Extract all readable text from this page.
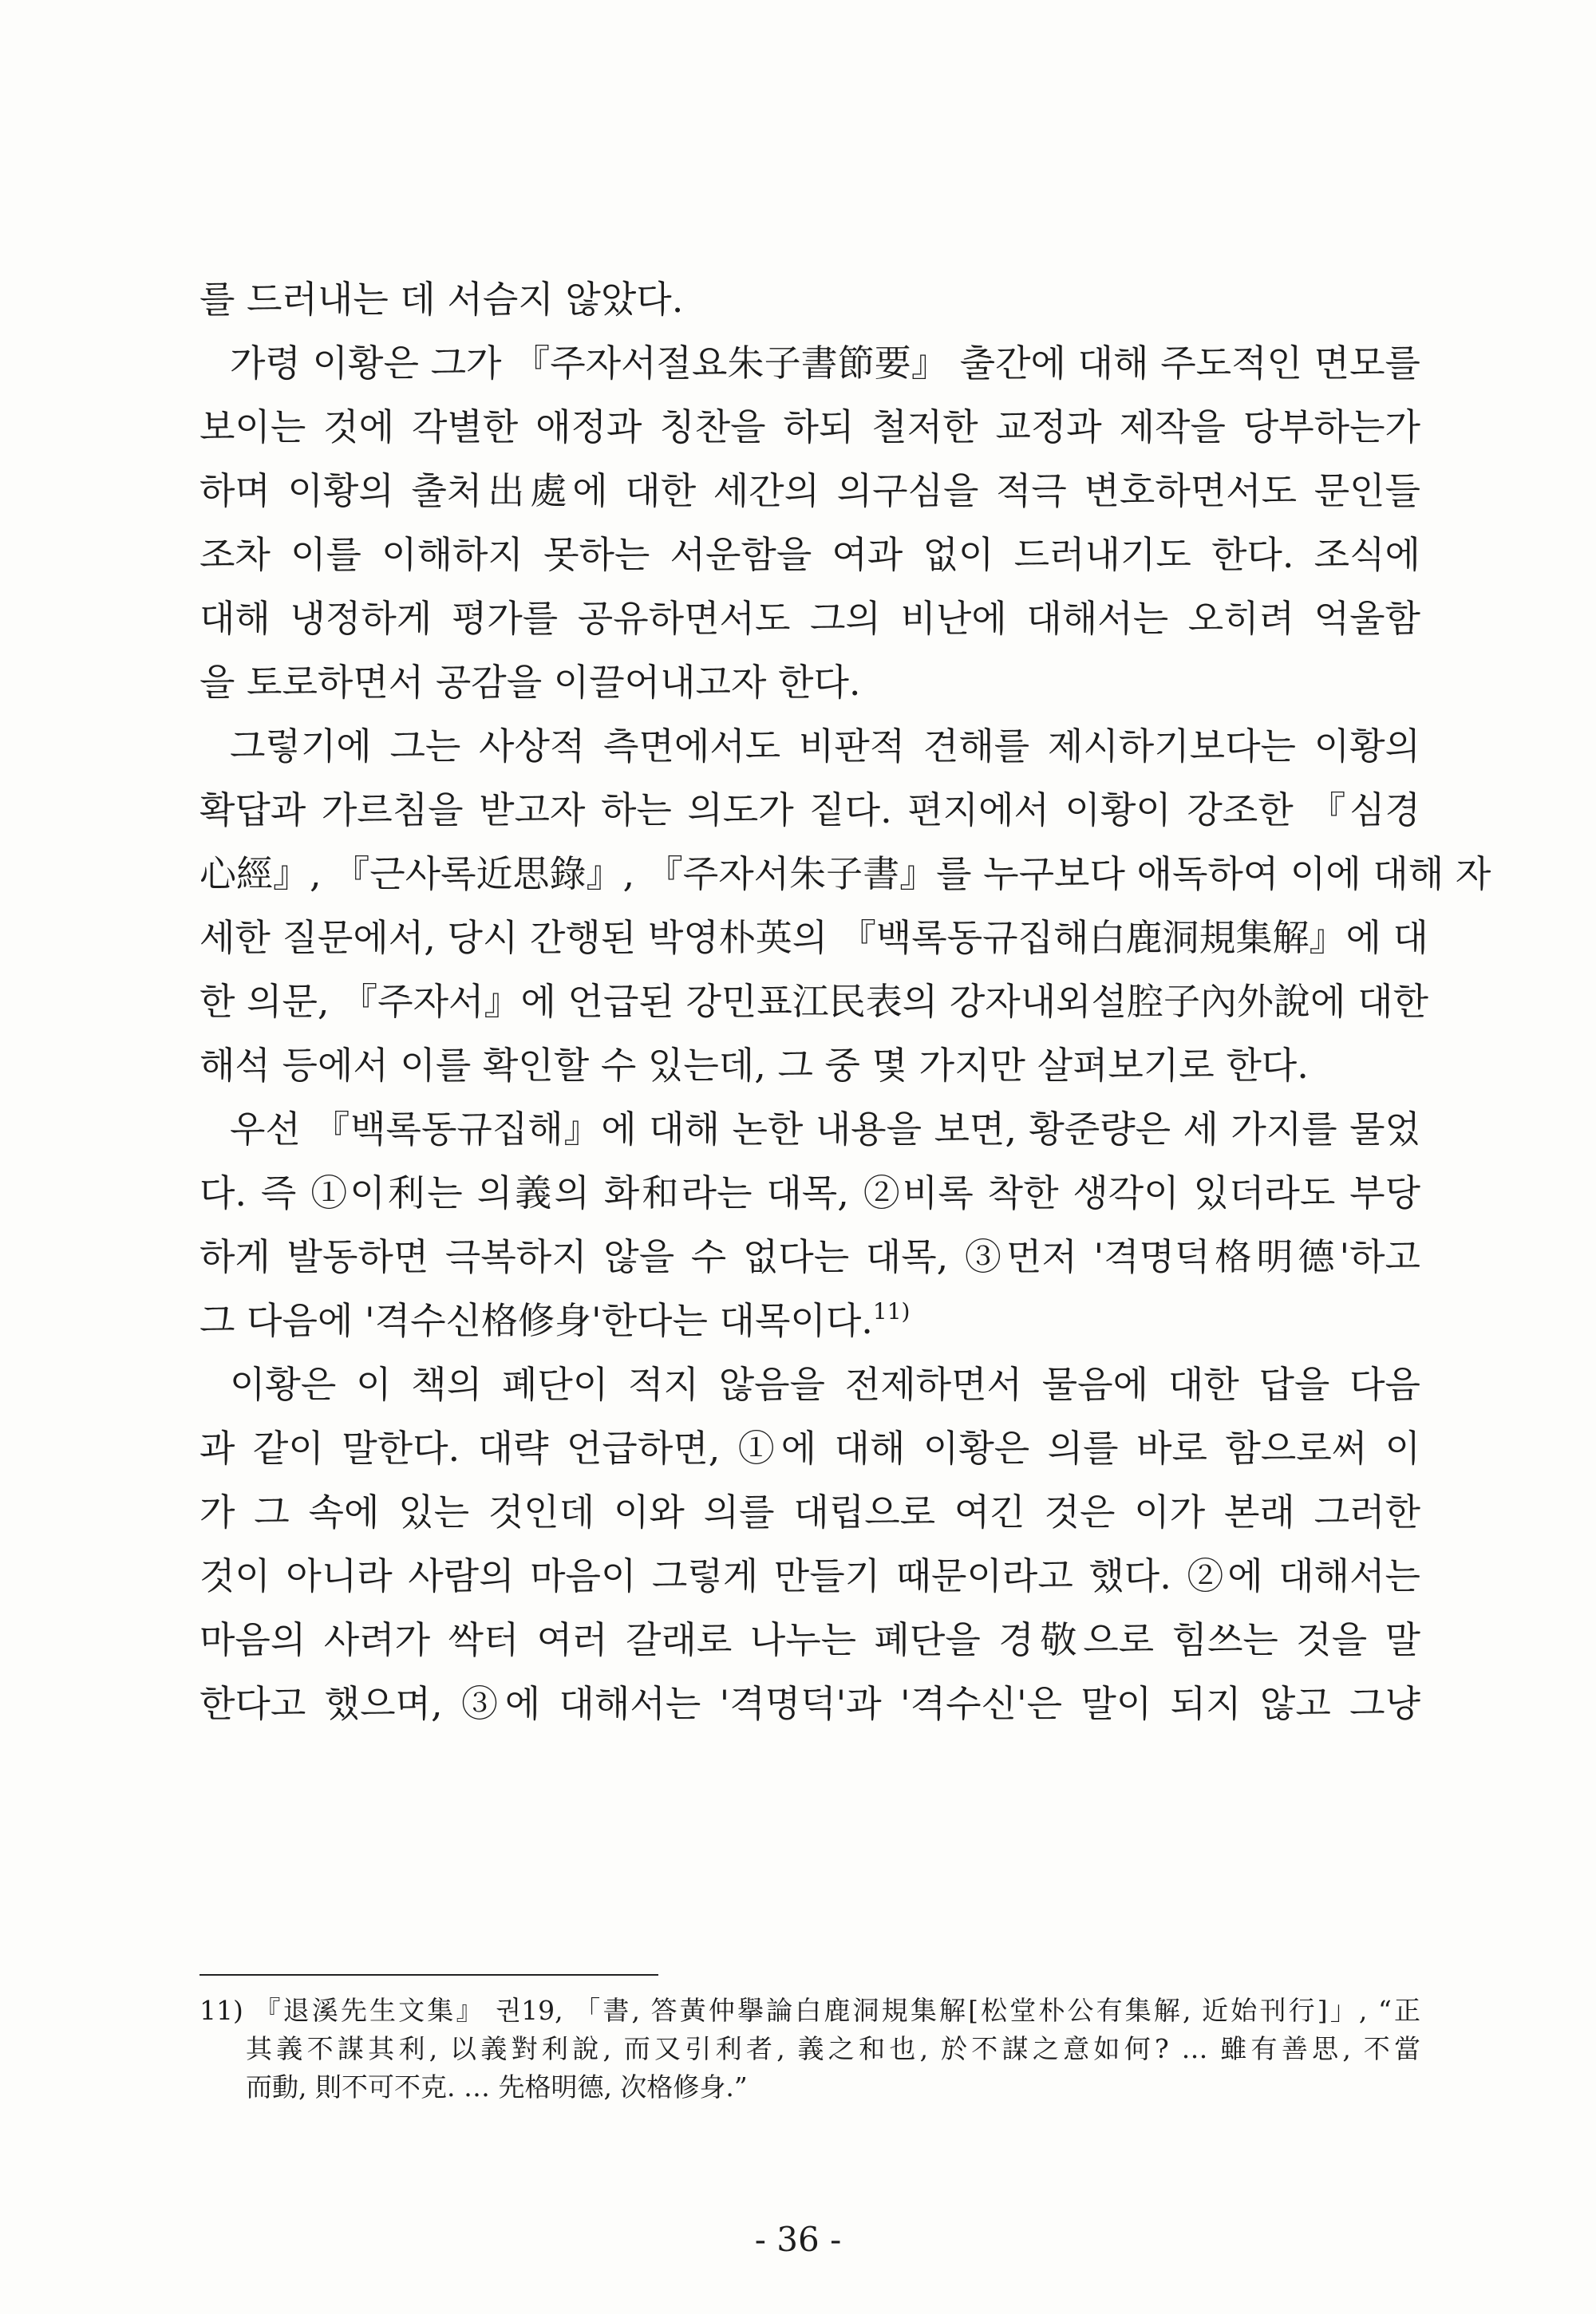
를 드러내는 데 서슴지 않았다.
가령 이황은 그가 『주자서절요朱子書節要』 출간에 대해 주도적인 면모를
보이는 것에 각별한 애정과 칭찬을 하되 철저한 교정과 제작을 당부하는가
하며 이황의 출처出處에 대한 세간의 의구심을 적극 변호하면서도 문인들
조차 이를 이해하지 못하는 서운함을 여과 없이 드러내기도 한다. 조식에
대해 냉정하게 평가를 공유하면서도 그의 비난에 대해서는 오히려 억울함
을 토로하면서 공감을 이끌어내고자 한다.
그렇기에 그는 사상적 측면에서도 비판적 견해를 제시하기보다는 이황의
확답과 가르침을 받고자 하는 의도가 짙다. 편지에서 이황이 강조한 『심경
心經』, 『근사록近思錄』, 『주자서朱子書』를 누구보다 애독하여 이에 대해 자
세한 질문에서, 당시 간행된 박영朴英의 『백록동규집해白鹿洞規集解』에 대
한 의문, 『주자서』에 언급된 강민표江民表의 강자내외설腔子內外說에 대한
해석 등에서 이를 확인할 수 있는데, 그 중 몇 가지만 살펴보기로 한다.
우선 『백록동규집해』에 대해 논한 내용을 보면, 황준량은 세 가지를 물었
다. 즉 ①이利는 의義의 화和라는 대목, ②비록 착한 생각이 있더라도 부당
하게 발동하면 극복하지 않을 수 없다는 대목, ③먼저 '격명덕格明德'하고
그 다음에 '격수신格修身'한다는 대목이다.$^{11)}$
이황은 이 책의 폐단이 적지 않음을 전제하면서 물음에 대한 답을 다음
과 같이 말한다. 대략 언급하면, ①에 대해 이황은 의를 바로 함으로써 이
가 그 속에 있는 것인데 이와 의를 대립으로 여긴 것은 이가 본래 그러한
것이 아니라 사람의 마음이 그렇게 만들기 때문이라고 했다. ②에 대해서는
마음의 사려가 싹터 여러 갈래로 나누는 폐단을 경敬으로 힘쓰는 것을 말
한다고 했으며, ③에 대해서는 '격명덕'과 '격수신'은 말이 되지 않고 그냥
11) 『退溪先生文集』 권19, 「書, 答黃仲擧論白鹿洞規集解[松堂朴公有集解, 近始刊行]」, “正
其義不謀其利, 以義對利說, 而又引利者, 義之和也, 於不謀之意如何? … 雖有善思, 不當
而動, 則不可不克. … 先格明德, 次格修身.”
- 36 -
